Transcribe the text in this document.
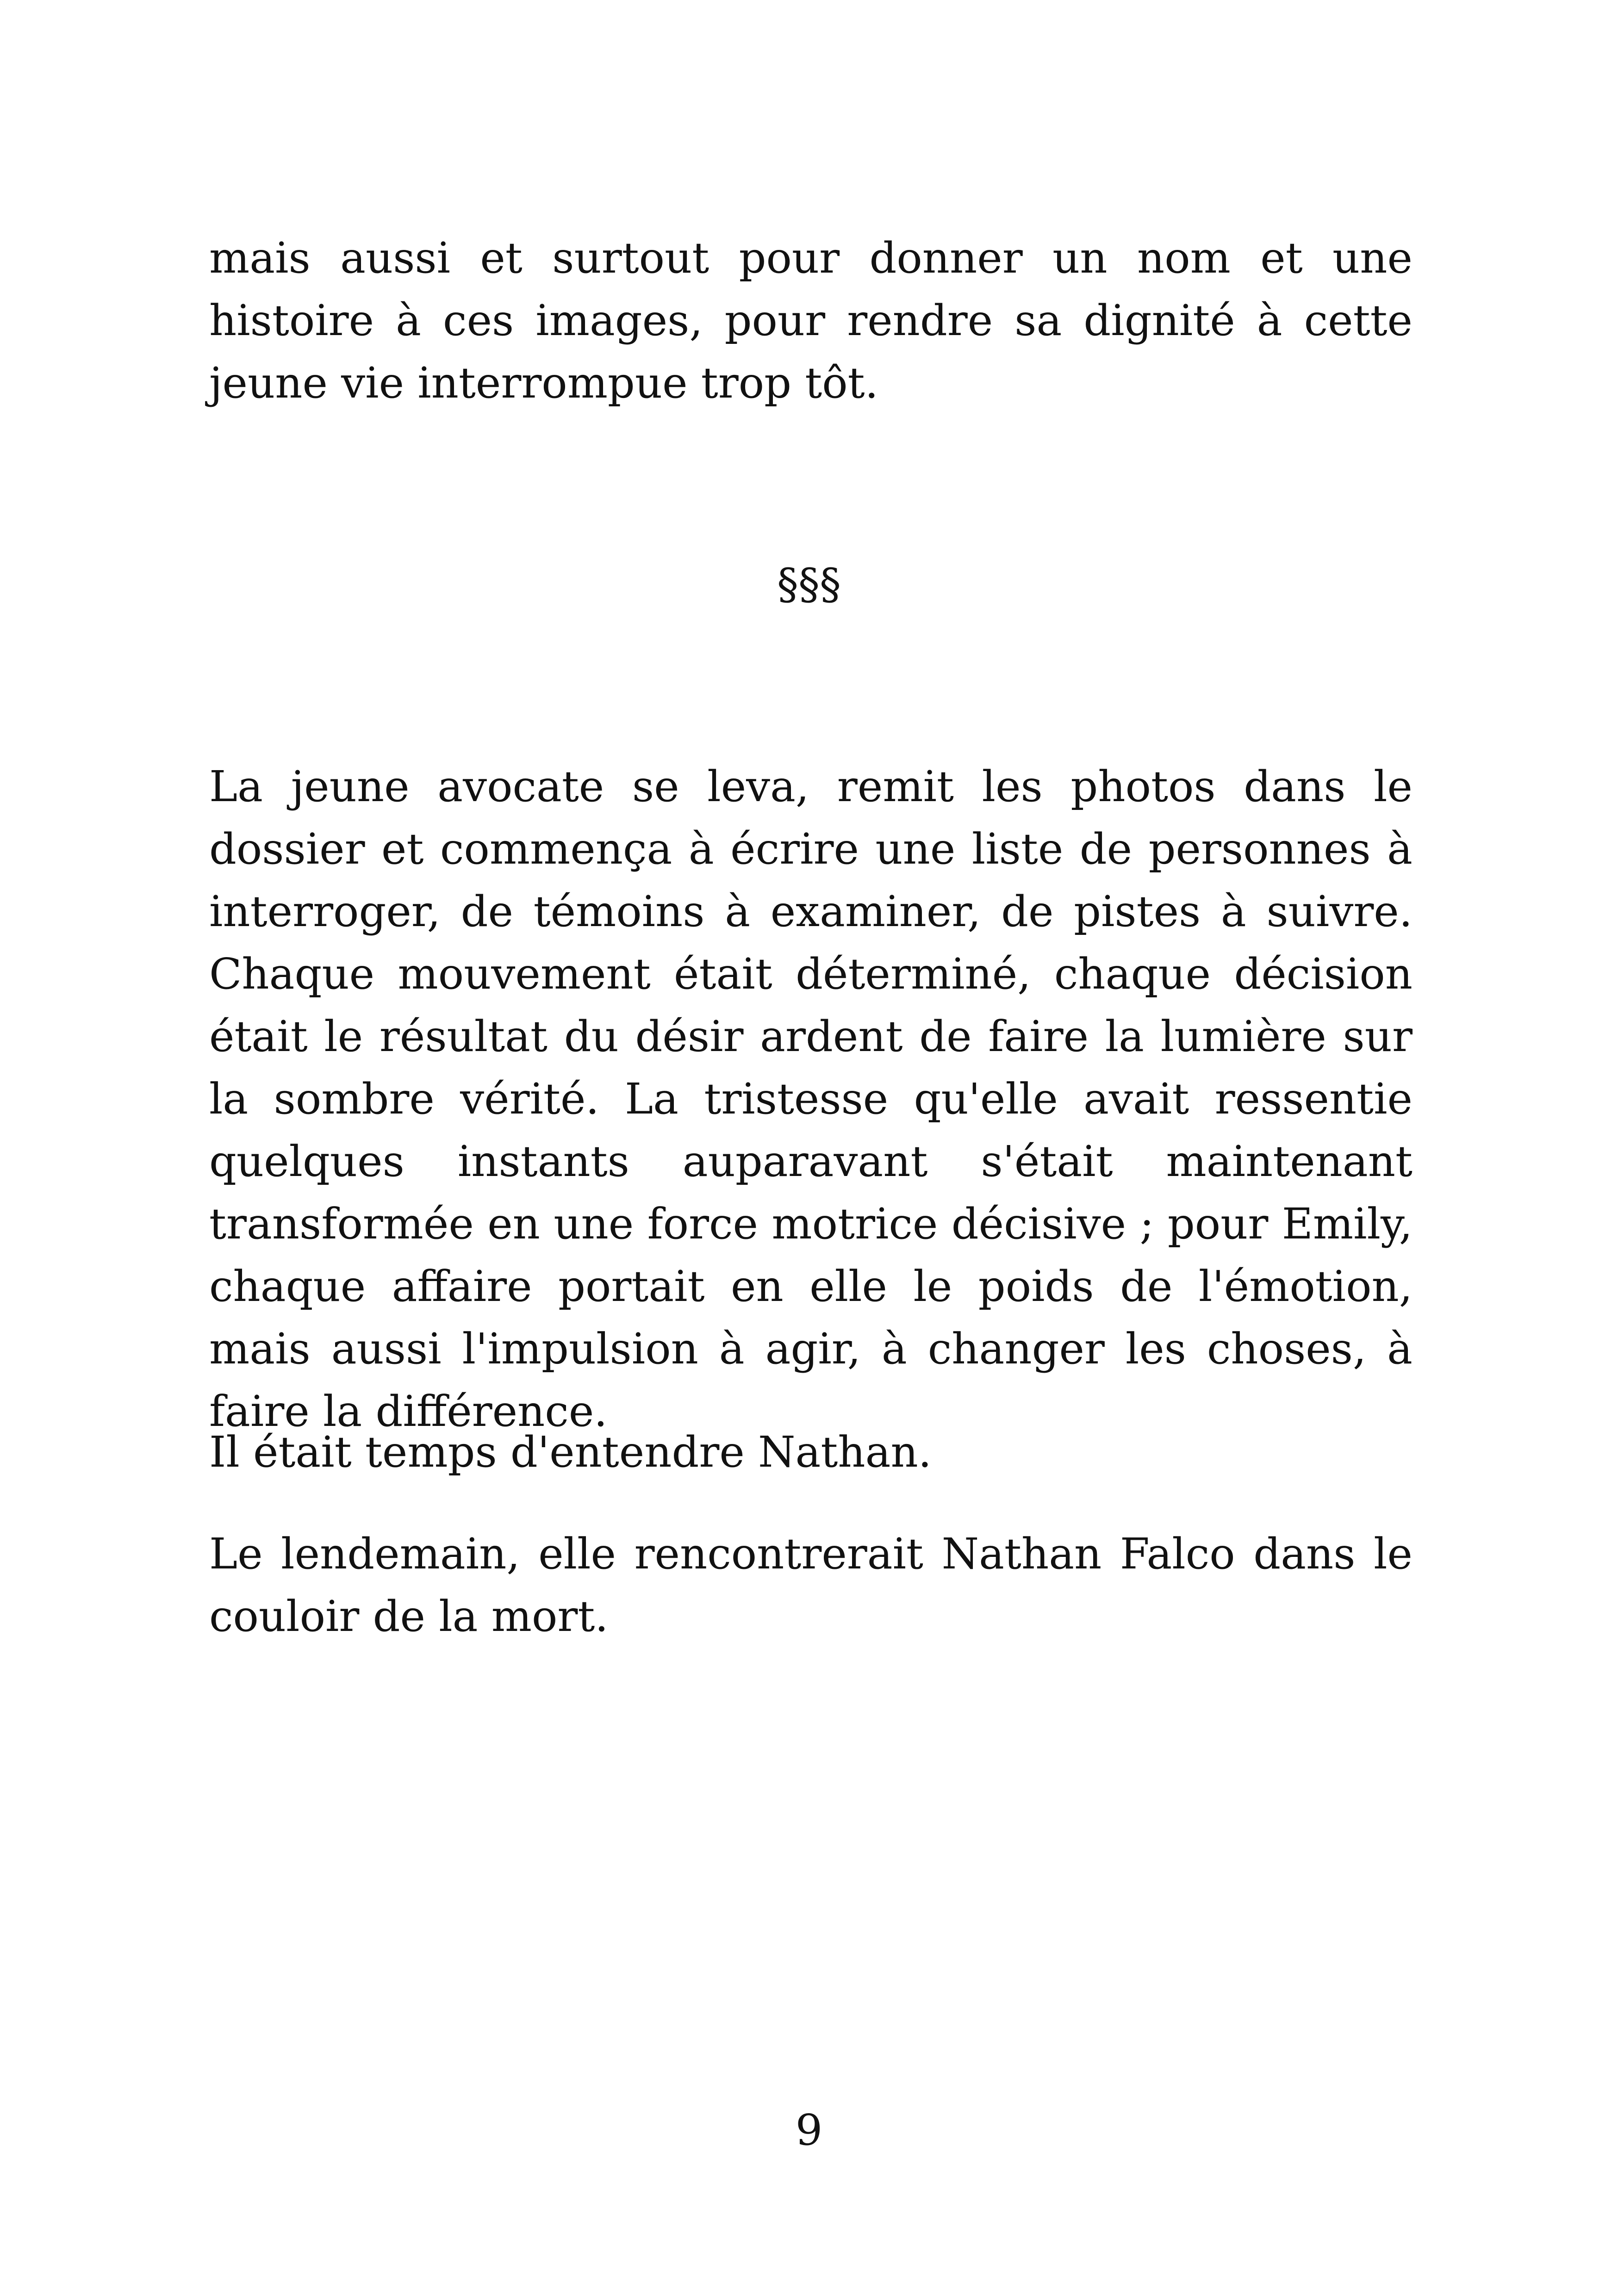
mais aussi et surtout pour donner un nom et une histoire à ces images, pour rendre sa dignité à cette jeune vie interrompue trop tôt.

§§§

La jeune avocate se leva, remit les photos dans le dossier et commença à écrire une liste de personnes à interroger, de témoins à examiner, de pistes à suivre. Chaque mouvement était déterminé, chaque décision était le résultat du désir ardent de faire la lumière sur la sombre vérité. La tristesse qu'elle avait ressentie quelques instants auparavant s'était maintenant transformée en une force motrice décisive ; pour Emily, chaque affaire portait en elle le poids de l'émotion, mais aussi l'impulsion à agir, à changer les choses, à faire la différence.

Il était temps d'entendre Nathan.

Le lendemain, elle rencontrerait Nathan Falco dans le couloir de la mort.

9
